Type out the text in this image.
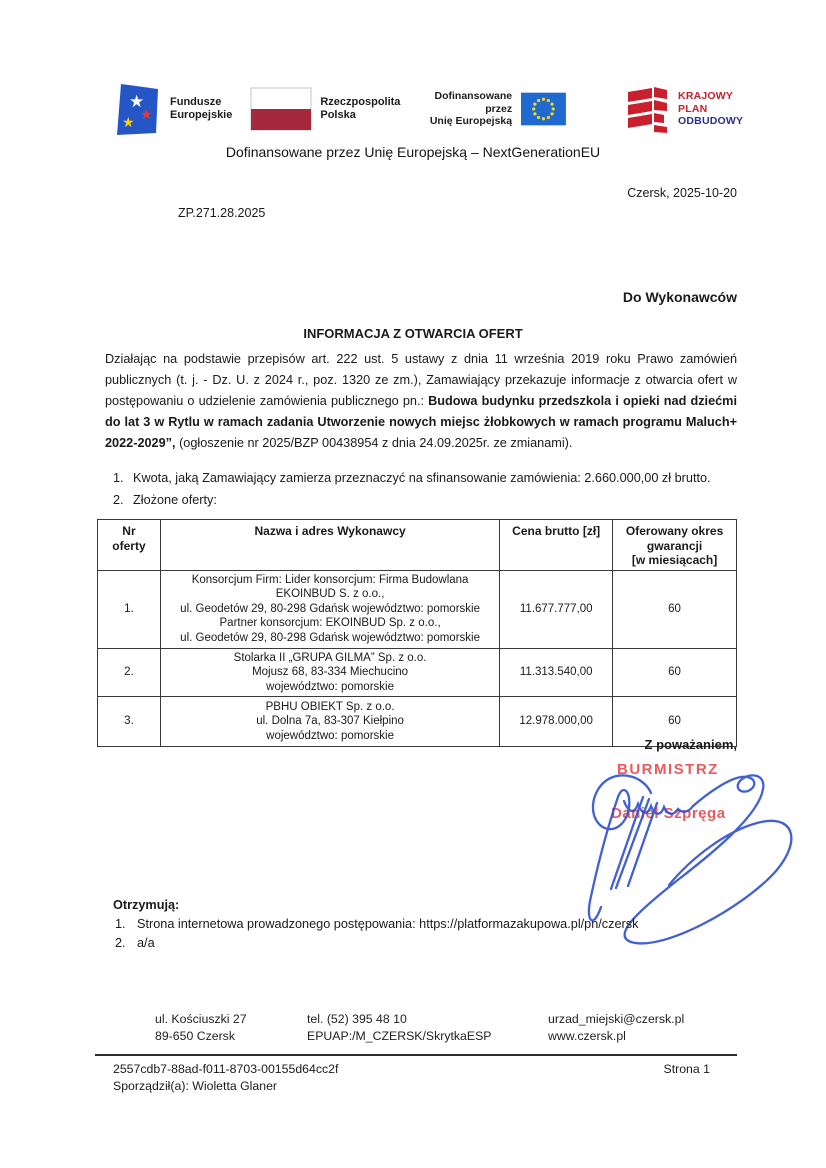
★
★
★
Fundusze
Europejskie
Rzeczpospolita
Polska
Dofinansowane przez
Unię Europejską
KRAJOWY
PLAN
ODBUDOWY
Dofinansowane przez Unię Europejską – NextGenerationEU
Czersk, 2025-10-20
ZP.271.28.2025
Do Wykonawców
INFORMACJA Z OTWARCIA OFERT
Działając na podstawie przepisów art. 222 ust. 5 ustawy z dnia 11 września 2019 roku Prawo zamówień publicznych (t. j. - Dz. U. z 2024 r., poz. 1320 ze zm.), Zamawiający przekazuje informacje z otwarcia ofert w postępowaniu o udzielenie zamówienia publicznego pn.: Budowa budynku przedszkola i opieki nad dziećmi do lat 3 w Rytlu w ramach zadania Utworzenie nowych miejsc żłobkowych w ramach programu Maluch+ 2022-2029”, (ogłoszenie nr 2025/BZP 00438954 z dnia 24.09.2025r. ze zmianami).
1. Kwota, jaką Zamawiający zamierza przeznaczyć na sfinansowanie zamówienia: 2.660.000,00 zł brutto.
2. Złożone oferty:
Nr
oferty	Nazwa i adres Wykonawcy	Cena brutto [zł]	Oferowany okres
gwarancji
[w miesiącach]

1.	Konsorcjum Firm: Lider konsorcjum: Firma Budowlana
EKOINBUD S. z o.o.,
ul. Geodetów 29, 80-298 Gdańsk województwo: pomorskie
Partner konsorcjum: EKOINBUD Sp. z o.o.,
ul. Geodetów 29, 80-298 Gdańsk województwo: pomorskie	11.677.777,00	60
2.	Stolarka II „GRUPA GILMA” Sp. z o.o.
Mojusz 68, 83-334 Miechucino
województwo: pomorskie	11.313.540,00	60
3.	PBHU OBIEKT Sp. z o.o.
ul. Dolna 7a, 83-307 Kiełpino
województwo: pomorskie	12.978.000,00	60
Z poważaniem,
BURMISTRZ
Daniel Szpręga
Otrzymują:
1. Strona internetowa prowadzonego postępowania: https://platformazakupowa.pl/pn/czersk
2. a/a
ul. Kościuszki 27
89-650 Czersk
tel. (52) 395 48 10
EPUAP:/M_CZERSK/SkrytkaESP
urzad_miejski@czersk.pl
www.czersk.pl
2557cdb7-88ad-f011-8703-00155d64cc2f	Strona 1
Sporządził(a): Wioletta Glaner
